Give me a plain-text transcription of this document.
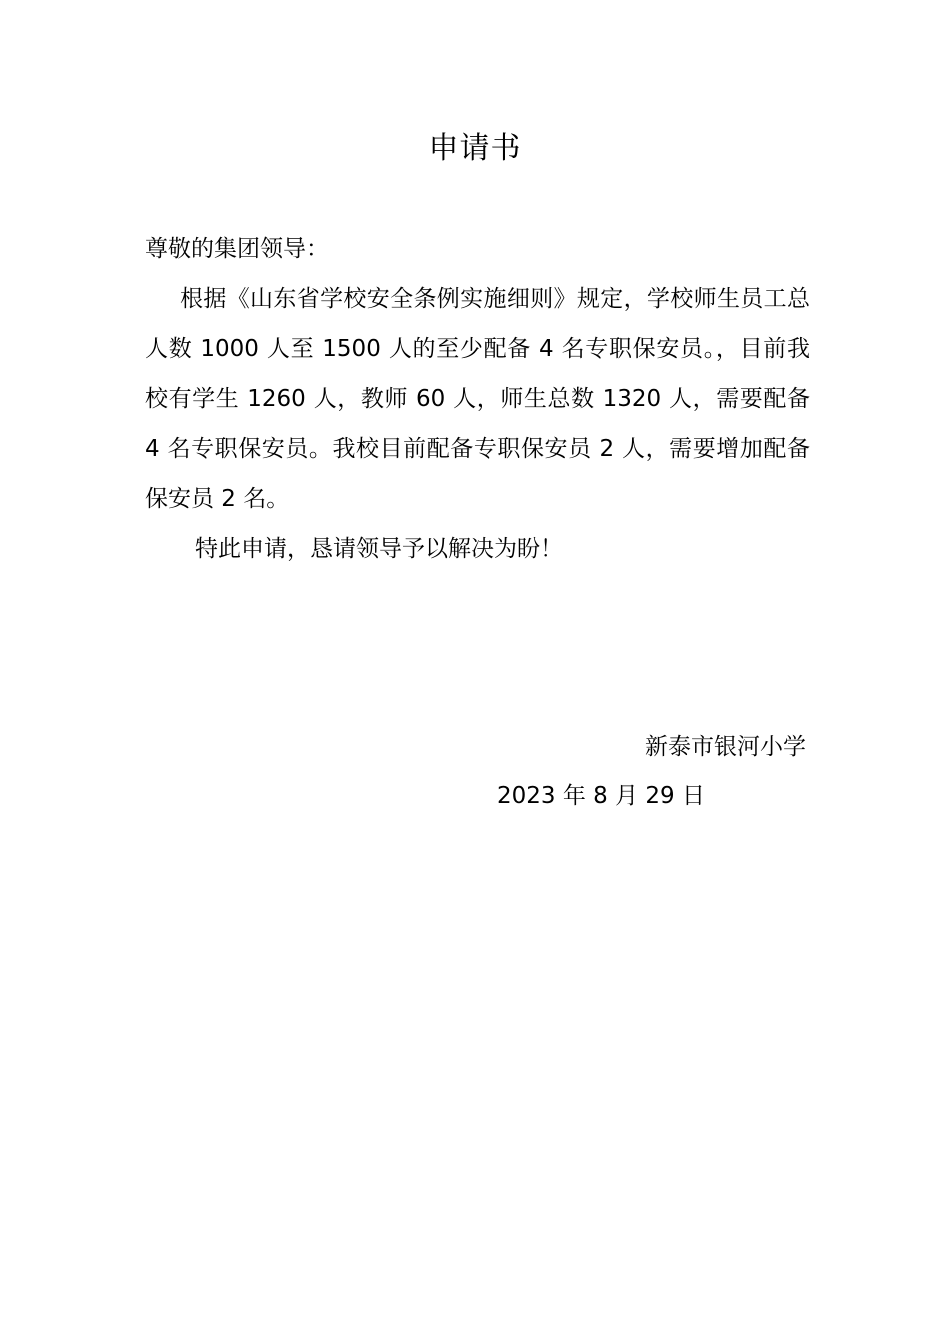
申请书

尊敬的集团领导：

根据《山东省学校安全条例实施细则》规定，学校师生员工总人数 1000 人至 1500 人的至少配备 4 名专职保安员。，目前我校有学生 1260 人，教师 60 人，师生总数 1320 人，需要配备 4 名专职保安员。我校目前配备专职保安员 2 人，需要增加配备保安员 2 名。

特此申请，恳请领导予以解决为盼！

新泰市银河小学
2023 年 8 月 29 日
